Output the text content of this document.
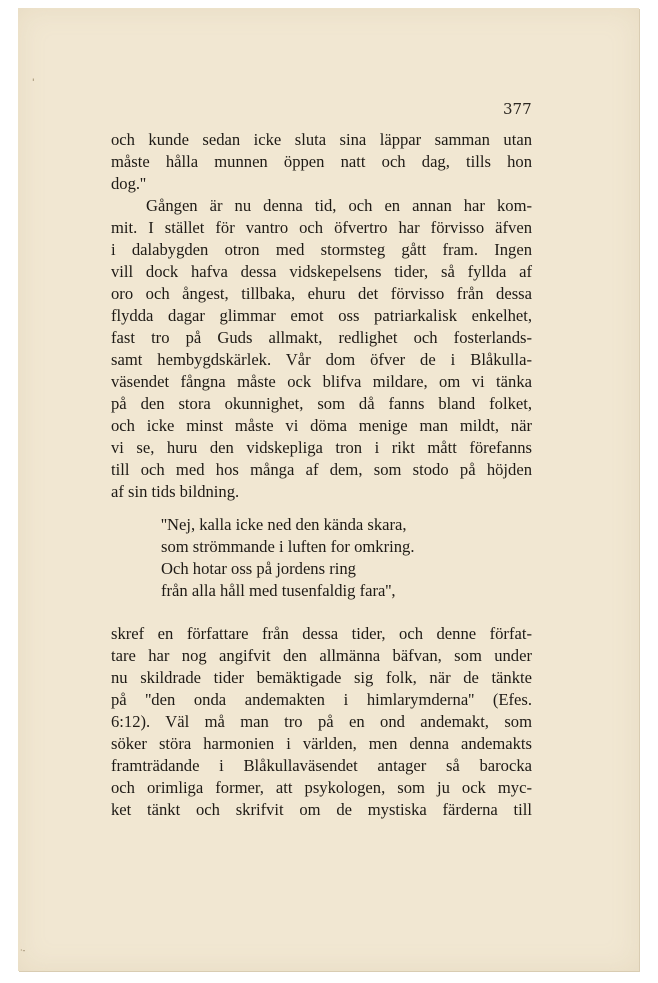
'
·-

377

och kunde sedan icke sluta sina läppar samman utan
måste hålla munnen öppen natt och dag, tills hon
dog.''
Gången är nu denna tid, och en annan har kom-
mit. I stället för vantro och öfvertro har förvisso äfven
i dalabygden otron med stormsteg gått fram. Ingen
vill dock hafva dessa vidskepelsens tider, så fyllda af
oro och ångest, tillbaka, ehuru det förvisso från dessa
flydda dagar glimmar emot oss patriarkalisk enkelhet,
fast tro på Guds allmakt, redlighet och fosterlands-
samt hembygdskärlek. Vår dom öfver de i Blåkulla-
väsendet fångna måste ock blifva mildare, om vi tänka
på den stora okunnighet, som då fanns bland folket,
och icke minst måste vi döma menige man mildt, när
vi se, huru den vidskepliga tron i rikt mått förefanns
till och med hos många af dem, som stodo på höjden
af sin tids bildning.
''Nej, kalla icke ned den kända skara,
som strömmande i luften for omkring.
Och hotar oss på jordens ring
från alla håll med tusenfaldig fara'',
skref en författare från dessa tider, och denne förfat-
tare har nog angifvit den allmänna bäfvan, som under
nu skildrade tider bemäktigade sig folk, när de tänkte
på ''den onda andemakten i himlarymderna'' (Efes.
6:12). Väl må man tro på en ond andemakt, som
söker störa harmonien i världen, men denna andemakts
framträdande i Blåkullaväsendet antager så barocka
och orimliga former, att psykologen, som ju ock myc-
ket tänkt och skrifvit om de mystiska färderna till
